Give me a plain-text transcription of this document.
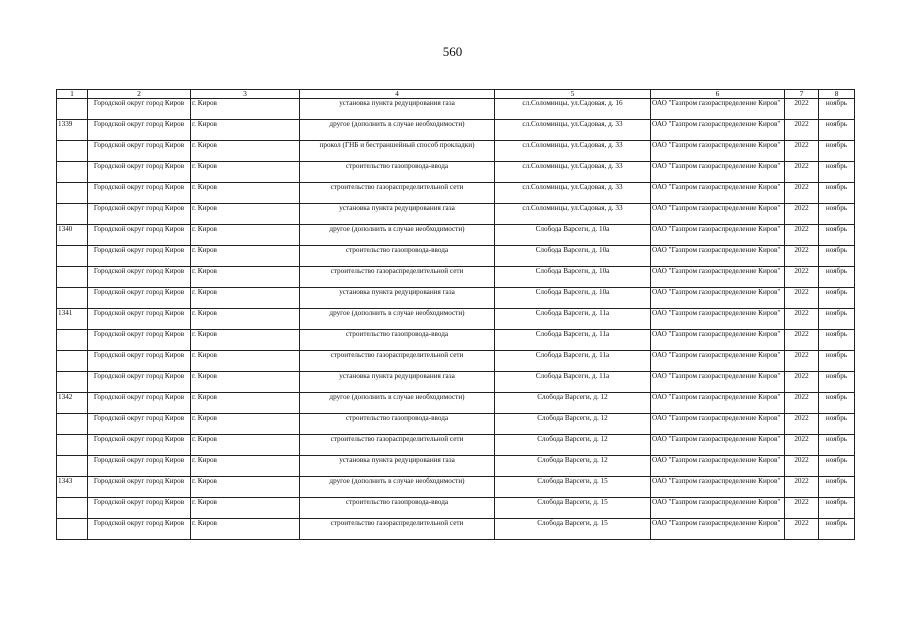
560
1	2	3	4	5	6	7	8
	Городской округ город Киров	г. Киров	установка пункта редуцирования газа	сл.Соломинцы, ул.Садовая, д. 16	ОАО "Газпром газораспределение Киров"	2022	ноябрь
1339	Городской округ город Киров	г. Киров	другое (дополнить в случае необходимости)	сл.Соломинцы, ул.Садовая, д. 33	ОАО "Газпром газораспределение Киров"	2022	ноябрь
	Городской округ город Киров	г. Киров	прокол (ГНБ и бестраншейный способ прокладки)	сл.Соломинцы, ул.Садовая, д. 33	ОАО "Газпром газораспределение Киров"	2022	ноябрь
	Городской округ город Киров	г. Киров	строительство газопровода-ввода	сл.Соломинцы, ул.Садовая, д. 33	ОАО "Газпром газораспределение Киров"	2022	ноябрь
	Городской округ город Киров	г. Киров	строительство газораспределительной сети	сл.Соломинцы, ул.Садовая, д. 33	ОАО "Газпром газораспределение Киров"	2022	ноябрь
	Городской округ город Киров	г. Киров	установка пункта редуцирования газа	сл.Соломинцы, ул.Садовая, д. 33	ОАО "Газпром газораспределение Киров"	2022	ноябрь
1340	Городской округ город Киров	г. Киров	другое (дополнить в случае необходимости)	Слобода Варсеги, д. 10а	ОАО "Газпром газораспределение Киров"	2022	ноябрь
	Городской округ город Киров	г. Киров	строительство газопровода-ввода	Слобода Варсеги, д. 10а	ОАО "Газпром газораспределение Киров"	2022	ноябрь
	Городской округ город Киров	г. Киров	строительство газораспределительной сети	Слобода Варсеги, д. 10а	ОАО "Газпром газораспределение Киров"	2022	ноябрь
	Городской округ город Киров	г. Киров	установка пункта редуцирования газа	Слобода Варсеги, д. 10а	ОАО "Газпром газораспределение Киров"	2022	ноябрь
1341	Городской округ город Киров	г. Киров	другое (дополнить в случае необходимости)	Слобода Варсеги, д. 11а	ОАО "Газпром газораспределение Киров"	2022	ноябрь
	Городской округ город Киров	г. Киров	строительство газопровода-ввода	Слобода Варсеги, д. 11а	ОАО "Газпром газораспределение Киров"	2022	ноябрь
	Городской округ город Киров	г. Киров	строительство газораспределительной сети	Слобода Варсеги, д. 11а	ОАО "Газпром газораспределение Киров"	2022	ноябрь
	Городской округ город Киров	г. Киров	установка пункта редуцирования газа	Слобода Варсеги, д. 11а	ОАО "Газпром газораспределение Киров"	2022	ноябрь
1342	Городской округ город Киров	г. Киров	другое (дополнить в случае необходимости)	Слобода Варсеги, д. 12	ОАО "Газпром газораспределение Киров"	2022	ноябрь
	Городской округ город Киров	г. Киров	строительство газопровода-ввода	Слобода Варсеги, д. 12	ОАО "Газпром газораспределение Киров"	2022	ноябрь
	Городской округ город Киров	г. Киров	строительство газораспределительной сети	Слобода Варсеги, д. 12	ОАО "Газпром газораспределение Киров"	2022	ноябрь
	Городской округ город Киров	г. Киров	установка пункта редуцирования газа	Слобода Варсеги, д. 12	ОАО "Газпром газораспределение Киров"	2022	ноябрь
1343	Городской округ город Киров	г. Киров	другое (дополнить в случае необходимости)	Слобода Варсеги, д. 15	ОАО "Газпром газораспределение Киров"	2022	ноябрь
	Городской округ город Киров	г. Киров	строительство газопровода-ввода	Слобода Варсеги, д. 15	ОАО "Газпром газораспределение Киров"	2022	ноябрь
	Городской округ город Киров	г. Киров	строительство газораспределительной сети	Слобода Варсеги, д. 15	ОАО "Газпром газораспределение Киров"	2022	ноябрь
